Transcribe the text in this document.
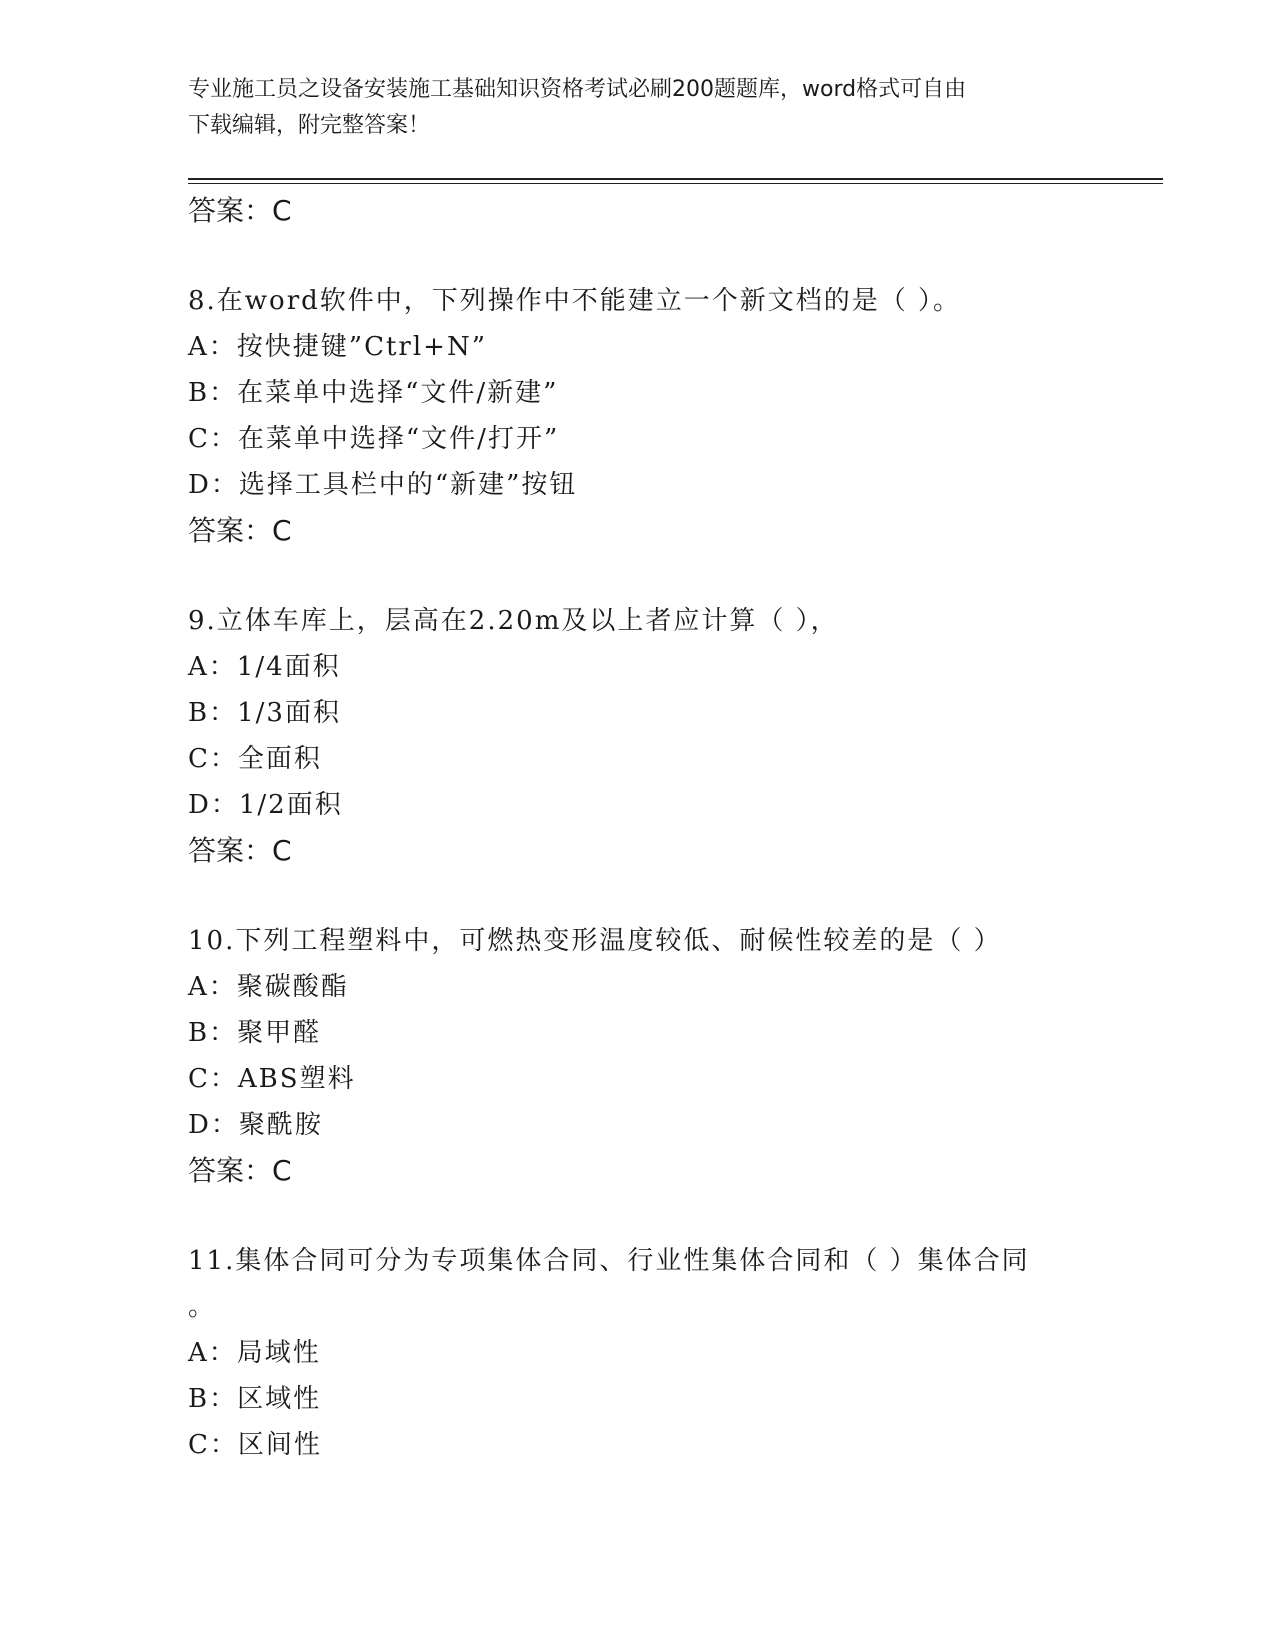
专业施工员之设备安装施工基础知识资格考试必刷200题题库，word格式可自由
下载编辑，附完整答案！

答案：C

8.在word软件中，下列操作中不能建立一个新文档的是（ ）。

A：按快捷键”Ctrl+N”

B：在菜单中选择“文件/新建”

C：在菜单中选择“文件/打开”

D：选择工具栏中的“新建”按钮

答案：C

9.立体车库上，层高在2.20m及以上者应计算（ ），

A：1/4面积

B：1/3面积

C：全面积

D：1/2面积

答案：C

10.下列工程塑料中，可燃热变形温度较低、耐候性较差的是（ ）

A：聚碳酸酯

B：聚甲醛

C：ABS塑料

D：聚酰胺

答案：C

11.集体合同可分为专项集体合同、行业性集体合同和（ ）集体合同

。

A：局域性

B：区域性

C：区间性
